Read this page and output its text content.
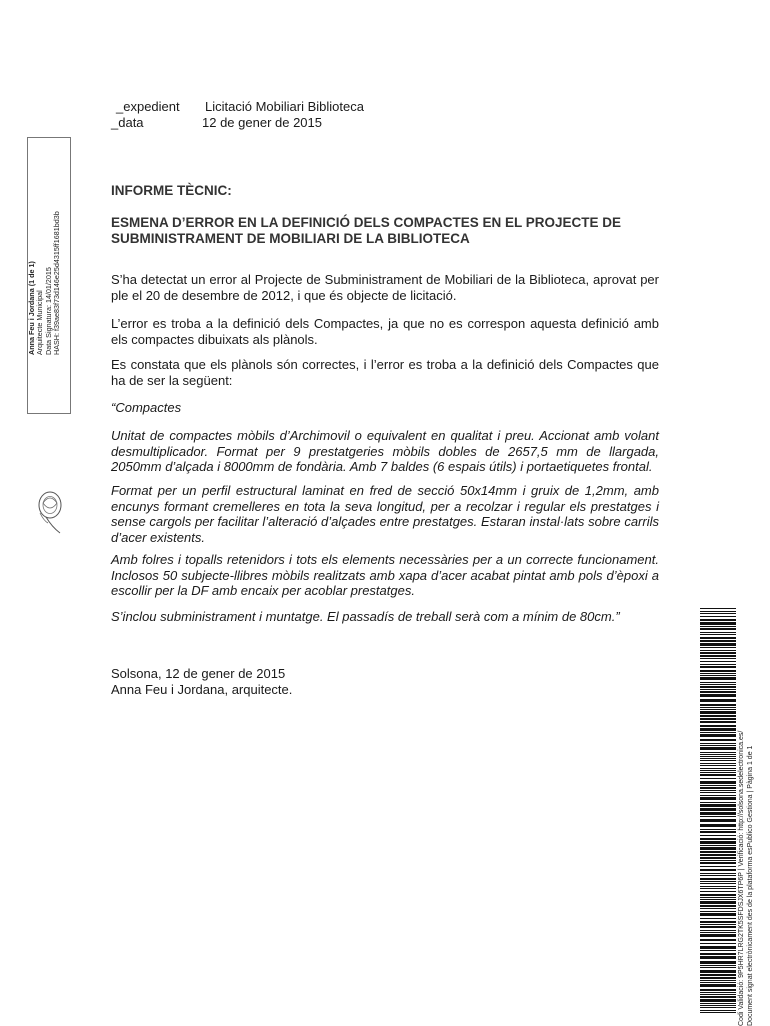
_expedient Licitació Mobiliari Biblioteca
_data	12 de gener de 2015
INFORME TÈCNIC:
ESMENA D’ERROR EN LA DEFINICIÓ DELS COMPACTES EN EL PROJECTE DE SUBMINISTRAMENT DE MOBILIARI DE LA BIBLIOTECA
S’ha detectat un error al Projecte de Subministrament de Mobiliari de la Biblioteca, aprovat per ple el 20 de desembre de 2012, i que és objecte de licitació.
L’error es troba a la definició dels Compactes, ja que no es correspon aquesta definició amb els compactes dibuixats als plànols.
Es constata que els plànols són correctes, i l’error es troba a la definició dels Compactes que ha de ser la següent:
“Compactes
Unitat de compactes mòbils d’Archimovil o equivalent en qualitat i preu. Accionat amb volant desmultiplicador. Format per 9 prestatgeries mòbils dobles de 2657,5 mm de llargada, 2050mm d’alçada i 8000mm de fondària. Amb 7 baldes (6 espais útils) i portaetiquetes frontal.
Format per un perfil estructural laminat en fred de secció 50x14mm i gruix de 1,2mm, amb encunys formant cremelleres en tota la seva longitud, per a recolzar i regular els prestatges i sense cargols per facilitar l’alteració d’alçades entre prestatges. Estaran instal·lats sobre carrils d’acer existents.
Amb folres i topalls retenidors i tots els elements necessàries per a un correcte funcionament. Inclosos 50 subjecte-llibres mòbils realitzats amb xapa d’acer acabat pintat amb pols d’èpoxi a escollir per la DF amb encaix per acoblar prestatges.
S’inclou subministrament i muntatge. El passadís de treball serà com a mínim de 80cm.”

Solsona, 12 de gener de 2015

Anna Feu i Jordana, arquitecte.

Anna Feu i Jordana (1 de 1) Arquitecte Municipal Data Signatura: 14/01/2015 HASH: f39ae83f73d146e25d4315ff1681bd3b
Codi Validació: 9P5HR7LRG2TK5SFDSJX6TP6P | Verificació: http://solsona.sedelectronica.es/ Document signat electrònicament des de la plataforma esPublico Gestiona | Pàgina 1 de 1
